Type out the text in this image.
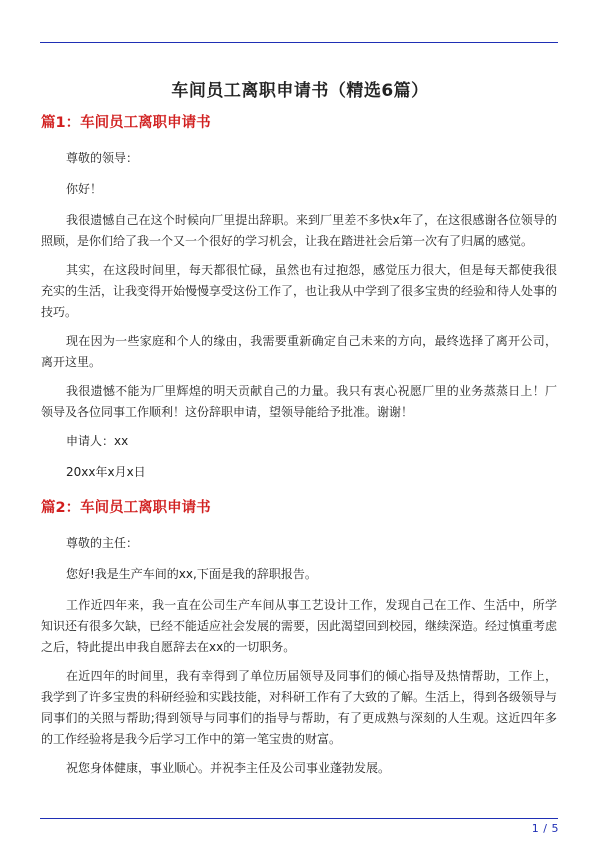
车间员工离职申请书（精选6篇）
篇1：车间员工离职申请书

尊敬的领导：

你好！

我很遗憾自己在这个时候向厂里提出辞职。来到厂里差不多快x年了，在这很感谢各位领导的照顾，是你们给了我一个又一个很好的学习机会，让我在踏进社会后第一次有了归属的感觉。

其实，在这段时间里，每天都很忙碌，虽然也有过抱怨，感觉压力很大，但是每天都使我很充实的生活，让我变得开始慢慢享受这份工作了，也让我从中学到了很多宝贵的经验和待人处事的技巧。

现在因为一些家庭和个人的缘由，我需要重新确定自己未来的方向，最终选择了离开公司，离开这里。

我很遗憾不能为厂里辉煌的明天贡献自己的力量。我只有衷心祝愿厂里的业务蒸蒸日上！厂领导及各位同事工作顺利！这份辞职申请，望领导能给予批准。谢谢！

申请人：xx

20xx年x月x日

篇2：车间员工离职申请书

尊敬的主任：

您好!我是生产车间的xx,下面是我的辞职报告。

工作近四年来，我一直在公司生产车间从事工艺设计工作，发现自己在工作、生活中，所学知识还有很多欠缺，已经不能适应社会发展的需要，因此渴望回到校园，继续深造。经过慎重考虑之后，特此提出申我自愿辞去在xx的一切职务。

在近四年的时间里，我有幸得到了单位历届领导及同事们的倾心指导及热情帮助，工作上，我学到了许多宝贵的科研经验和实践技能，对科研工作有了大致的了解。生活上，得到各级领导与同事们的关照与帮助;得到领导与同事们的指导与帮助，有了更成熟与深刻的人生观。这近四年多的工作经验将是我今后学习工作中的第一笔宝贵的财富。

祝您身体健康，事业顺心。并祝李主任及公司事业蓬勃发展。

1 / 5
